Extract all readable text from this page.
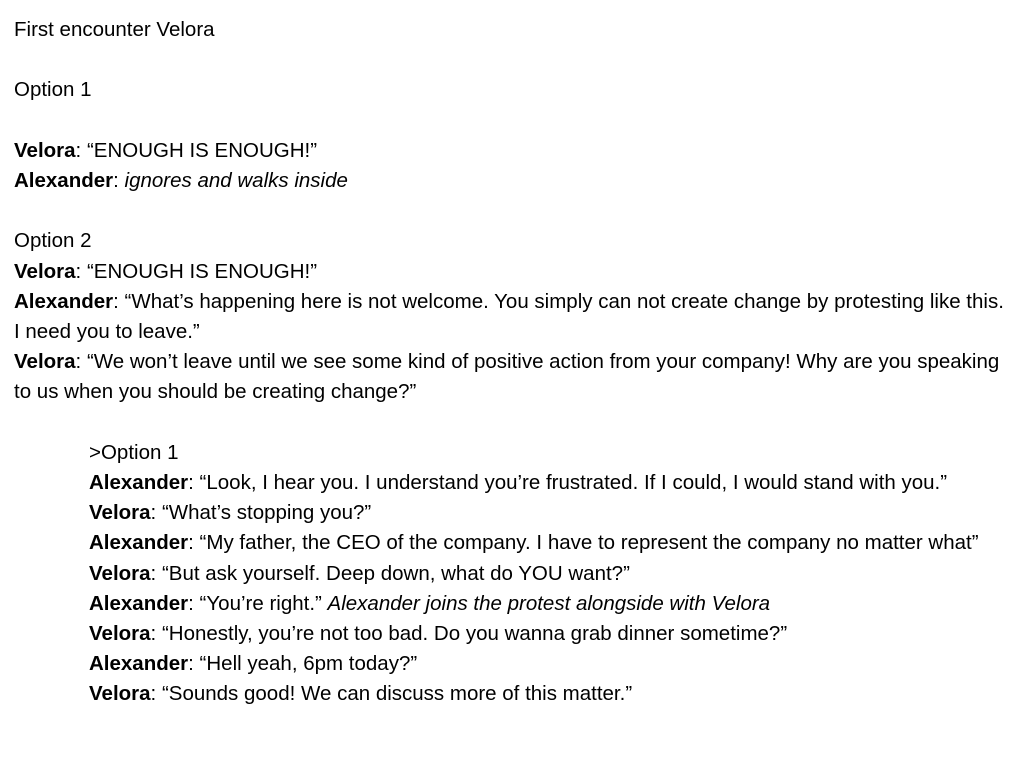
First encounter Velora

Option 1

Velora: “ENOUGH IS ENOUGH!”

Alexander: ignores and walks inside

Option 2

Velora: “ENOUGH IS ENOUGH!”

Alexander: “What’s happening here is not welcome. You simply can not create change by protesting like this. I need you to leave.”

Velora: “We won’t leave until we see some kind of positive action from your company! Why are you speaking to us when you should be creating change?”

>Option 1

Alexander: “Look, I hear you. I understand you’re frustrated. If I could, I would stand with you.”

Velora: “What’s stopping you?”

Alexander: “My father, the CEO of the company. I have to represent the company no matter what”

Velora: “But ask yourself. Deep down, what do YOU want?”

Alexander: “You’re right.” Alexander joins the protest alongside with Velora

Velora: “Honestly, you’re not too bad. Do you wanna grab dinner sometime?”

Alexander: “Hell yeah, 6pm today?”

Velora: “Sounds good! We can discuss more of this matter.”
